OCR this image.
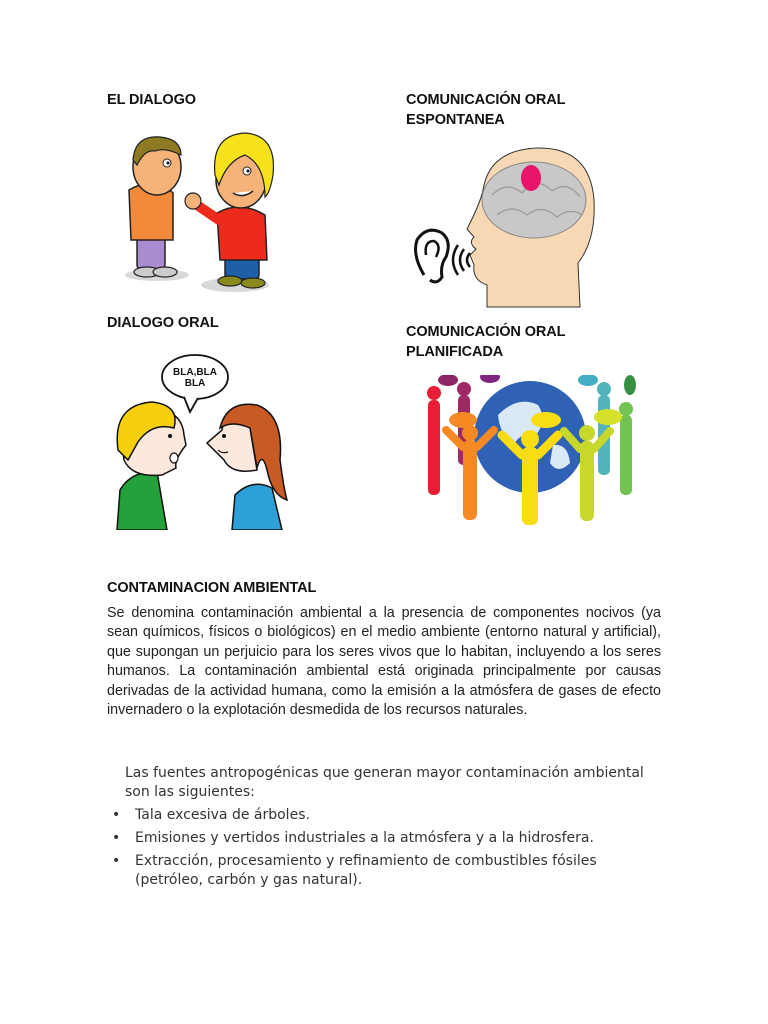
EL DIALOGO	COMUNICACIÓN ORAL
ESPONTANEA
DIALOGO ORAL
COMUNICACIÓN ORAL
PLANIFICADA
BLA,BLA
BLA
CONTAMINACION AMBIENTAL

Se denomina contaminación ambiental a la presencia de componentes nocivos (ya sean químicos, físicos o biológicos) en el medio ambiente (entorno natural y artificial), que supongan un perjuicio para los seres vivos que lo habitan, incluyendo a los seres humanos. La contaminación ambiental está originada principalmente por causas derivadas de la actividad humana, como la emisión a la atmósfera de gases de efecto invernadero o la explotación desmedida de los recursos naturales.

Las fuentes antropogénicas que generan mayor contaminación ambiental son las siguientes:
• Tala excesiva de árboles.
• Emisiones y vertidos industriales a la atmósfera y a la hidrosfera.
• Extracción, procesamiento y refinamiento de combustibles fósiles (petróleo, carbón y gas natural).
